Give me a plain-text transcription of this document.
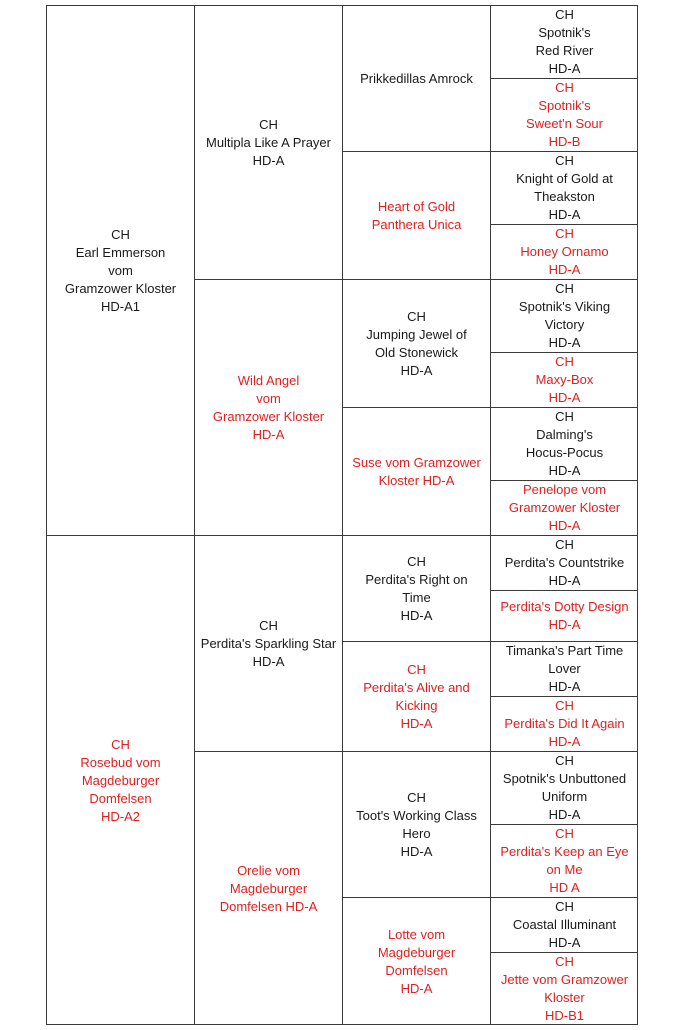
CH
Earl Emmerson
vom
Gramzower Kloster
HD-A1
CH
Rosebud vom
Magdeburger
Domfelsen
HD-A2
CH
Multipla Like A Prayer
HD-A
Wild Angel
vom
Gramzower Kloster
HD-A
CH
Perdita's Sparkling Star
HD-A
Orelie vom
Magdeburger
Domfelsen HD-A
Prikkedillas Amrock
Heart of Gold
Panthera Unica
CH
Jumping Jewel of
Old Stonewick
HD-A
Suse vom Gramzower
Kloster HD-A
CH
Perdita's Right on
Time
HD-A
CH
Perdita's Alive and
Kicking
HD-A
CH
Toot's Working Class
Hero
HD-A
Lotte vom
Magdeburger
Domfelsen
HD-A
CH
Spotnik's
Red River
HD-A
CH
Spotnik's
Sweet'n Sour
HD-B
CH
Knight of Gold at
Theakston
HD-A
CH
Honey Ornamo
HD-A
CH
Spotnik's Viking
Victory
HD-A
CH
Maxy-Box
HD-A
CH
Dalming's
Hocus-Pocus
HD-A
Penelope vom
Gramzower Kloster
HD-A
CH
Perdita's Countstrike
HD-A
Perdita's Dotty Design
HD-A
Timanka's Part Time
Lover
HD-A
CH
Perdita's Did It Again
HD-A
CH
Spotnik's Unbuttoned
Uniform
HD-A
CH
Perdita's Keep an Eye
on Me
HD A
CH
Coastal Illuminant
HD-A
CH
Jette vom Gramzower
Kloster
HD-B1
